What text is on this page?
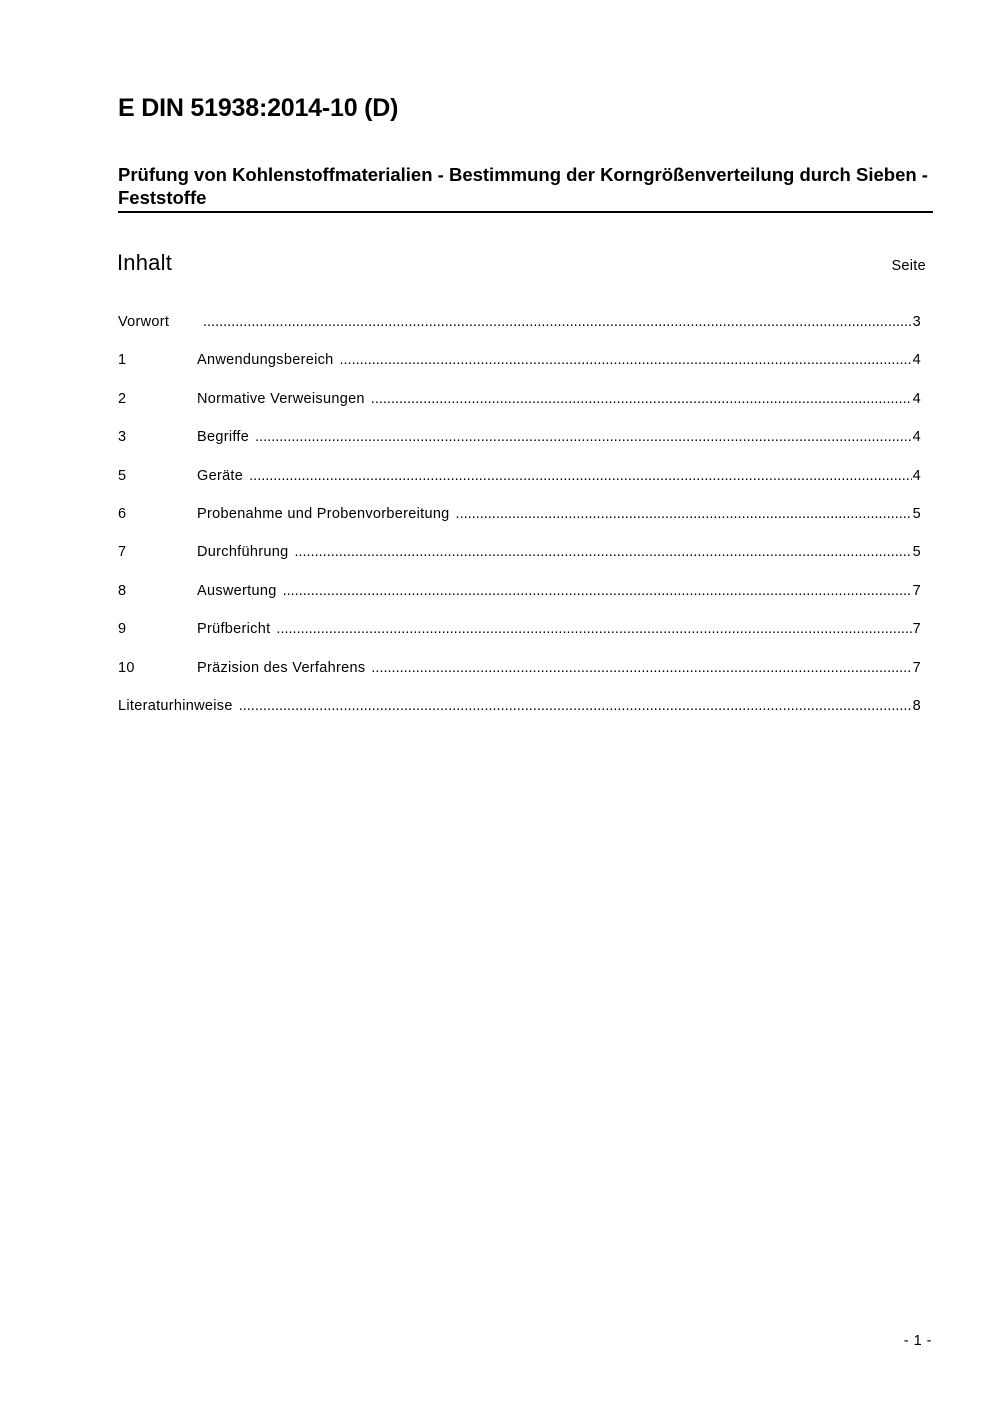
E DIN 51938:2014-10 (D)
Prüfung von Kohlenstoffmaterialien - Bestimmung der Korngrößenverteilung durch Sieben - Feststoffe
Inhalt	Seite
Vorwort .....	3
1	Anwendungsbereich .....	4
2	Normative Verweisungen .....	4
3	Begriffe .....	4
5	Geräte .....	4
6	Probenahme und Probenvorbereitung .....	5
7	Durchführung .....	5
8	Auswertung .....	7
9	Prüfbericht .....	7
10	Präzision des Verfahrens .....	7
Literaturhinweise .....	8
- 1 -
